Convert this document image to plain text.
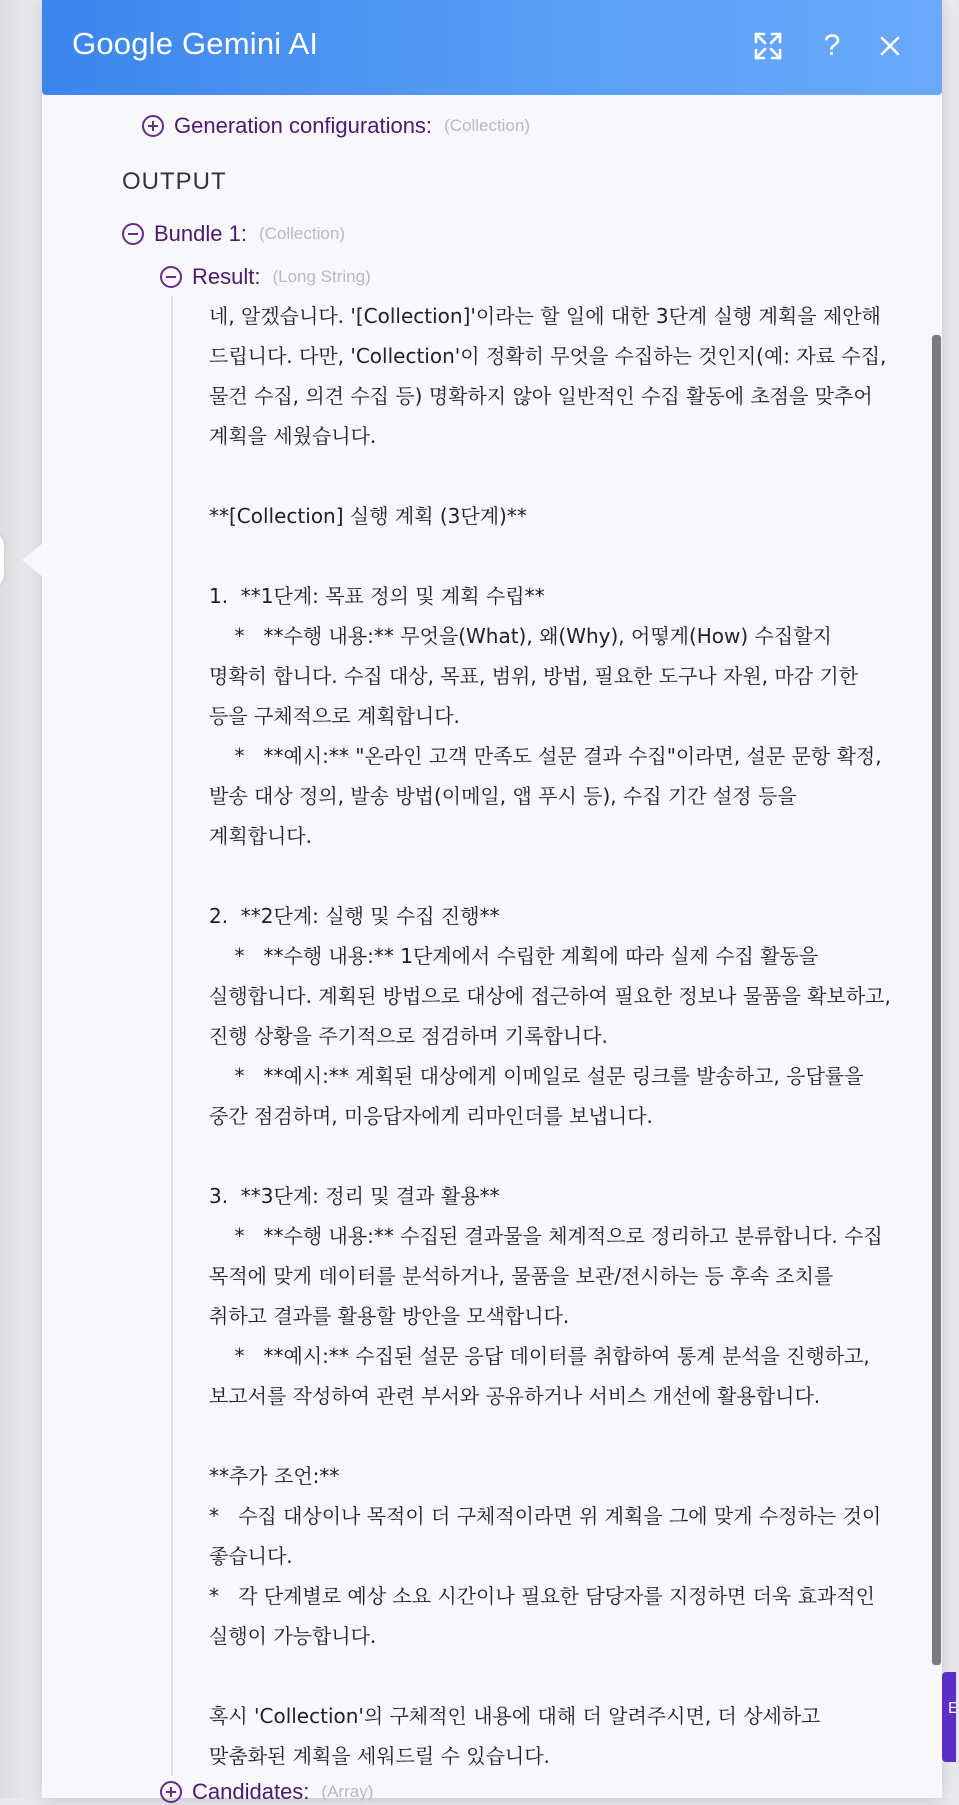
Generation configurations: (Collection)
OUTPUT
Bundle 1: (Collection)
Result: (Long String)

네, 알겠습니다. '[Collection]'이라는 할 일에 대한 3단계 실행 계획을 제안해 드립니다. 다만, 'Collection'이 정확히 무엇을 수집하는 것인지(예: 자료 수집, 물건 수집, 의견 수집 등) 명확하지 않아 일반적인 수집 활동에 초점을 맞추어 계획을 세웠습니다.

**[Collection] 실행 계획 (3단계)**

1.  **1단계: 목표 정의 및 계획 수립**
*   **수행 내용:** 무엇을(What), 왜(Why), 어떻게(How) 수집할지 명확히 합니다. 수집 대상, 목표, 범위, 방법, 필요한 도구나 자원, 마감 기한 등을 구체적으로 계획합니다.
*   **예시:** "온라인 고객 만족도 설문 결과 수집"이라면, 설문 문항 확정, 발송 대상 정의, 발송 방법(이메일, 앱 푸시 등), 수집 기간 설정 등을 계획합니다.

2.  **2단계: 실행 및 수집 진행**
*   **수행 내용:** 1단계에서 수립한 계획에 따라 실제 수집 활동을 실행합니다. 계획된 방법으로 대상에 접근하여 필요한 정보나 물품을 확보하고, 진행 상황을 주기적으로 점검하며 기록합니다.
*   **예시:** 계획된 대상에게 이메일로 설문 링크를 발송하고, 응답률을 중간 점검하며, 미응답자에게 리마인더를 보냅니다.

3.  **3단계: 정리 및 결과 활용**
*   **수행 내용:** 수집된 결과물을 체계적으로 정리하고 분류합니다. 수집 목적에 맞게 데이터를 분석하거나, 물품을 보관/전시하는 등 후속 조치를 취하고 결과를 활용할 방안을 모색합니다.
*   **예시:** 수집된 설문 응답 데이터를 취합하여 통계 분석을 진행하고, 보고서를 작성하여 관련 부서와 공유하거나 서비스 개선에 활용합니다.

**추가 조언:**
*   수집 대상이나 목적이 더 구체적이라면 위 계획을 그에 맞게 수정하는 것이 좋습니다.
*   각 단계별로 예상 소요 시간이나 필요한 담당자를 지정하면 더욱 효과적인 실행이 가능합니다.

혹시 'Collection'의 구체적인 내용에 대해 더 알려주시면, 더 상세하고 맞춤화된 계획을 세워드릴 수 있습니다.

Candidates: (Array)
Google Gemini AI	?
E
